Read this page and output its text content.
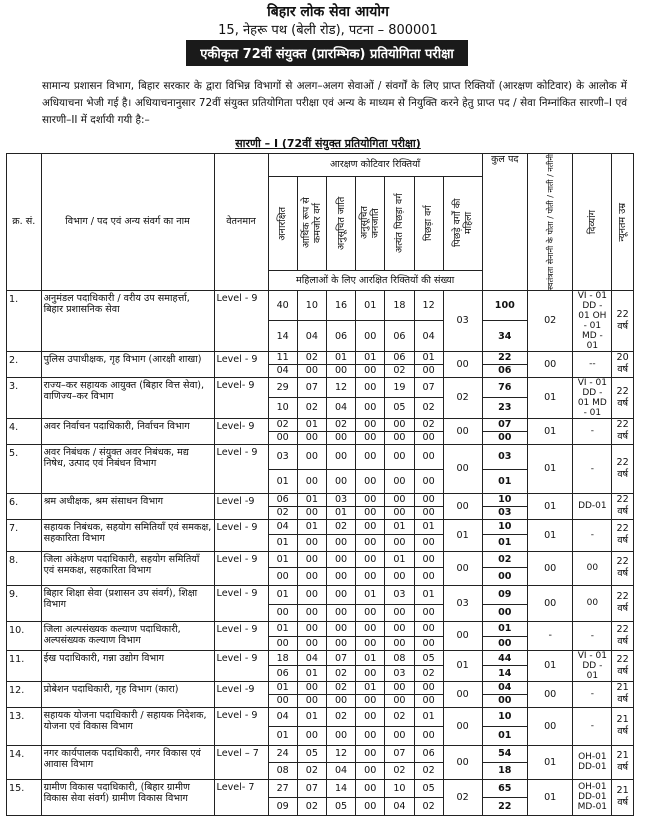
बिहार लोक सेवा आयोग
15, नेहरू पथ (बेली रोड), पटना – 800001
एकीकृत 72वीं संयुक्त (प्रारम्भिक) प्रतियोगिता परीक्षा
सामान्य प्रशासन विभाग, बिहार सरकार के द्वारा विभिन्न विभागों से अलग–अलग सेवाओं / संवर्गों के लिए प्राप्त रिक्तियों (आरक्षण कोटिवार) के आलोक में अधियाचना भेजी गई है। अधियाचनानुसार 72वीं संयुक्त प्रतियोगिता परीक्षा एवं अन्य के माध्यम से नियुक्ति करने हेतु प्राप्त पद / सेवा निम्नांकित सारणी–I एवं सारणी–II में दर्शायी गयी है:–
सारणी – I (72वीं संयुक्त प्रतियोगिता परीक्षा)
क्र. सं.	विभाग / पद एवं अन्य संवर्ग का नाम	वेतनमान	आरक्षण कोटिवार रिक्तियाँ							कुल पद	स्वतंत्रता सेनानी के पोता / पोती / नाती / नतीनी	दिव्यांग	न्यूनतम उम्र

			अनारक्षित	आर्थिक रूप से कमजोर वर्ग	अनुसूचित जाति	अनुसूचित जनजाति	अत्यंत पिछड़ा वर्ग	पिछड़ा वर्ग	पिछड़े वर्गों की महिला				

			महिलाओं के लिए आरक्षित रिक्तियों की संख्या										
1.	अनुमंडल पदाधिकारी / वरीय उप समाहर्त्ता, बिहार प्रशासनिक सेवा	Level - 9	40	10	16	01	18	12	03	100	02	VI - 01 DD - 01 OH - 01 MD - 01	22 वर्ष
			14	04	06	00	06	04		34			
2.	पुलिस उपाधीक्षक, गृह विभाग (आरक्षी शाखा)	Level - 9	11	02	01	01	06	01	00	22	00	--	20 वर्ष
			04	00	00	00	02	00		06			
3.	राज्य–कर सहायक आयुक्त (बिहार वित्त सेवा), वाणिज्य–कर विभाग	Level- 9	29	07	12	00	19	07	02	76	01	VI - 01 DD - 01 MD - 01	22 वर्ष
			10	02	04	00	05	02		23			
4.	अवर निर्वाचन पदाधिकारी, निर्वाचन विभाग	Level- 9	02	01	02	00	00	02	00	07	01	-	22 वर्ष
			00	00	00	00	00	00		00			
5.	अवर निबंधक / संयुक्त अवर निबंधक, मद्य निषेध, उत्पाद एवं निबंधन विभाग	Level - 9	03	00	00	00	00	00	00	03	01	-	22 वर्ष
			01	00	00	00	00	00		01			
6.	श्रम अधीक्षक, श्रम संसाधन विभाग	Level -9	06	01	03	00	00	00	00	10	01	DD-01	22 वर्ष
			02	00	01	00	00	00		03			
7.	सहायक निबंधक, सहयोग समितियाँ एवं समकक्ष, सहकारिता विभाग	Level - 9	04	01	02	00	01	01	01	10	01	-	22 वर्ष
			01	00	00	00	00	00		01			
8.	जिला अंकेक्षण पदाधिकारी, सहयोग समितियाँ एवं समकक्ष, सहकारिता विभाग	Level - 9	01	00	00	00	01	00	00	02	00	00	22 वर्ष
			00	00	00	00	00	00		00			
9.	बिहार शिक्षा सेवा (प्रशासन उप संवर्ग), शिक्षा विभाग	Level - 9	01	00	00	01	03	01	03	09	00	00	22 वर्ष
			00	00	00	00	00	00		00			
10.	जिला अल्पसंख्यक कल्याण पदाधिकारी, अल्पसंख्यक कल्याण विभाग	Level - 9	01	00	00	00	00	00	00	01	-	-	22 वर्ष
			00	00	00	00	00	00		00			
11.	ईख पदाधिकारी, गन्ना उद्योग विभाग	Level - 9	18	04	07	01	08	05	01	44	01	VI - 01 DD - 01	22 वर्ष
			06	01	02	00	03	02		14			
12.	प्रोबेशन पदाधिकारी, गृह विभाग (कारा)	Level -9	01	00	02	01	00	00	00	04	00	-	21 वर्ष
			00	00	00	00	00	00		00			
13.	सहायक योजना पदाधिकारी / सहायक निदेशक, योजना एवं विकास विभाग	Level - 9	04	01	02	00	02	01	00	10	00	-	21 वर्ष
			01	00	00	00	00	00		01			
14.	नगर कार्यपालक पदाधिकारी, नगर विकास एवं आवास विभाग	Level – 7	24	05	12	00	07	06	00	54	01	OH-01 DD-01	21 वर्ष
			08	02	04	00	02	02		18			
15.	ग्रामीण विकास पदाधिकारी, (बिहार ग्रामीण विकास सेवा संवर्ग) ग्रामीण विकास विभाग	Level- 7	27	07	14	00	10	05	02	65	01	OH-01 DD-01 MD-01	21 वर्ष
			09	02	05	00	04	02		22			
